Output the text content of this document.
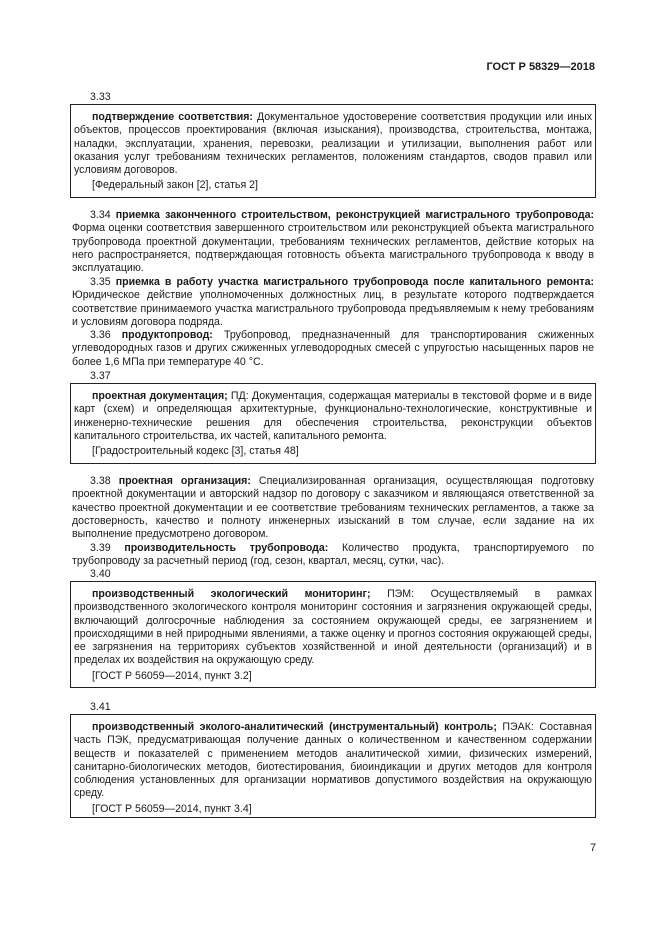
ГОСТ Р 58329—2018
3.33

подтверждение соответствия: Документальное удостоверение соответствия продукции или иных объектов, процессов проектирования (включая изыскания), производства, строительства, монтажа, наладки, эксплуатации, хранения, перевозки, реализации и утилизации, выполнения работ или оказания услуг требованиям технических регламентов, положениям стандартов, сводов правил или условиям договоров.

[Федеральный закон [2], статья 2]

3.34 приемка законченного строительством, реконструкцией магистрального трубопровода: Форма оценки соответствия завершенного строительством или реконструкцией объекта магистрального трубопровода проектной документации, требованиям технических регламентов, действие которых на него распространяется, подтверждающая готовность объекта магистрального трубопровода к вводу в эксплуатацию.

3.35 приемка в работу участка магистрального трубопровода после капитального ремонта: Юридическое действие уполномоченных должностных лиц, в результате которого подтверждается соответствие принимаемого участка магистрального трубопровода предъявляемым к нему требованиям и условиям договора подряда.

3.36 продуктопровод: Трубопровод, предназначенный для транспортирования сжиженных углеводородных газов и других сжиженных углеводородных смесей с упругостью насыщенных паров не более 1,6 МПа при температуре 40 °С.

3.37

проектная документация; ПД: Документация, содержащая материалы в текстовой форме и в виде карт (схем) и определяющая архитектурные, функционально-технологические, конструктивные и инженерно-технические решения для обеспечения строительства, реконструкции объектов капитального строительства, их частей, капитального ремонта.

[Градостроительный кодекс [3], статья 48]

3.38 проектная организация: Специализированная организация, осуществляющая подготовку проектной документации и авторский надзор по договору с заказчиком и являющаяся ответственной за качество проектной документации и ее соответствие требованиям технических регламентов, а также за достоверность, качество и полноту инженерных изысканий в том случае, если задание на их выполнение предусмотрено договором.

3.39 производительность трубопровода: Количество продукта, транспортируемого по трубопроводу за расчетный период (год, сезон, квартал, месяц, сутки, час).

3.40

производственный экологический мониторинг; ПЭМ: Осуществляемый в рамках производственного экологического контроля мониторинг состояния и загрязнения окружающей среды, включающий долгосрочные наблюдения за состоянием окружающей среды, ее загрязнением и происходящими в ней природными явлениями, а также оценку и прогноз состояния окружающей среды, ее загрязнения на территориях субъектов хозяйственной и иной деятельности (организаций) и в пределах их воздействия на окружающую среду.

[ГОСТ Р 56059—2014, пункт 3.2]
3.41

производственный эколого-аналитический (инструментальный) контроль; ПЭАК: Составная часть ПЭК, предусматривающая получение данных о количественном и качественном содержании веществ и показателей с применением методов аналитической химии, физических измерений, санитарно-биологических методов, биотестирования, биоиндикации и других методов для контроля соблюдения установленных для организации нормативов допустимого воздействия на окружающую среду.

[ГОСТ Р 56059—2014, пункт 3.4]
7
